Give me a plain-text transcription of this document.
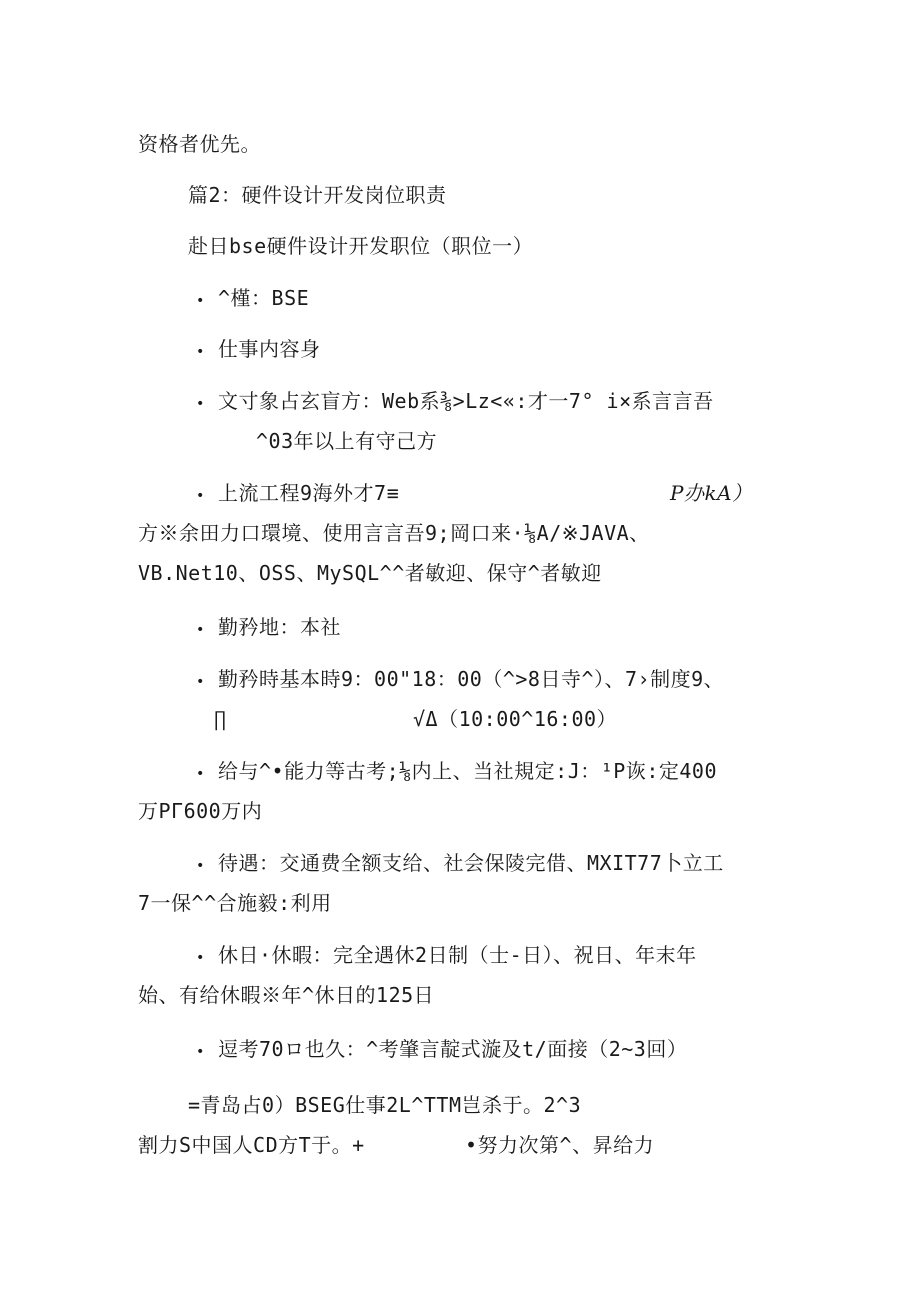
资格者优先。
篇2：硬件设计开发岗位职责
赴日bse硬件设计开发职位（职位一）
• ^槿：BSE
• 仕事内容身
• 文寸象占玄盲方：Web系⅜>Lz<«:才一7° i×系言言吾
^03年以上有守己方
• 上流工程9海外才7≡	P办kA）
方※余田力口環境、使用言言吾9;岡口来·⅛A/※JAVA、
VB.Net10、OSS、MySQL^^者敏迎、保守^者敏迎
• 勤矜地：本社
• 勤矜時基本時9：00"18：00（^>8日寺^）、7›制度9、
∏	√Δ（10:00^16:00）
• 给与^•能力等古考;⅛内上、当社規定:J：¹P诙:定400
万PΓ600万内
• 待遇：交通费全额支给、社会保陵完借、MXIT77卜立工
7一保^^合施毅:利用
• 休日·休暇：完全遇休2日制（士-日）、祝日、年末年
始、有给休暇※年^休日的125日
• 逗考70ロ也久：^考肇言靛式漩及t/面接（2~3回）
=青岛占0）BSEG仕事2L^TTM岂杀于。2^3
割力S中国人CD方T于。+	•努力次第^、昇给力
